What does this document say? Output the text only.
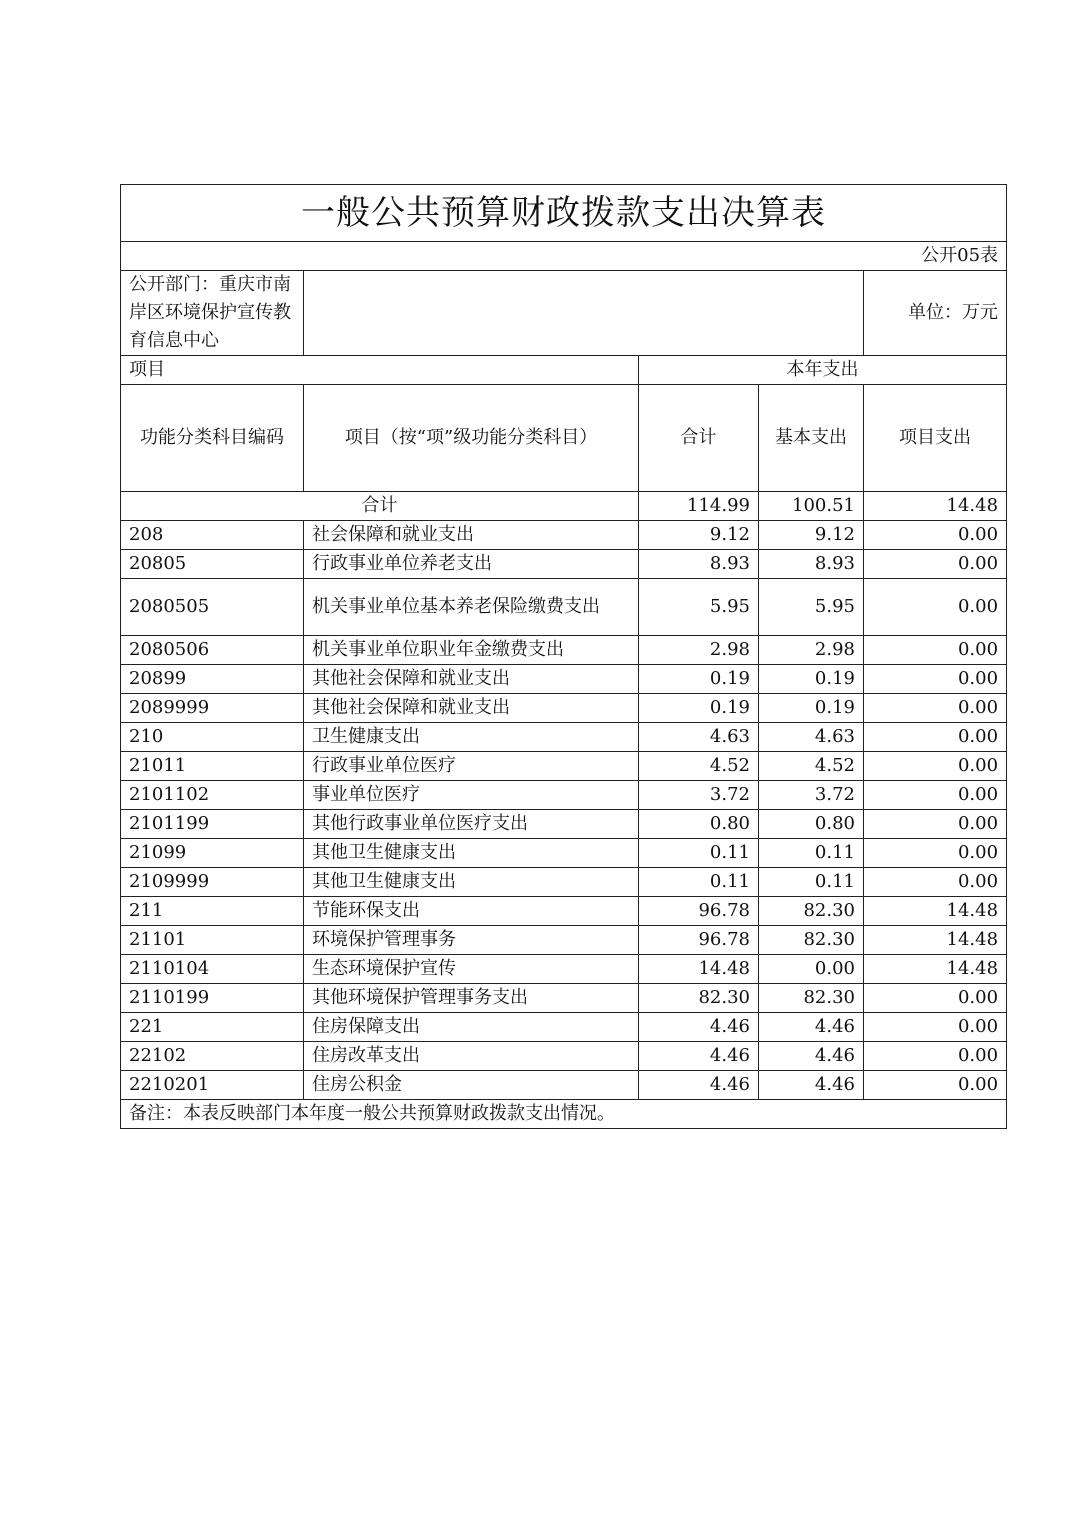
一般公共预算财政拨款支出决算表				
公开05表				
公开部门：重庆市南岸区环境保护宣传教育信息中心				单位：万元
项目		本年支出		
功能分类科目编码	项目（按“项”级功能分类科目）	合计	基本支出	项目支出
合计		114.99	100.51	14.48
208	社会保障和就业支出	9.12	9.12	0.00
20805	行政事业单位养老支出	8.93	8.93	0.00
2080505	机关事业单位基本养老保险缴费支出	5.95	5.95	0.00
2080506	机关事业单位职业年金缴费支出	2.98	2.98	0.00
20899	其他社会保障和就业支出	0.19	0.19	0.00
2089999	其他社会保障和就业支出	0.19	0.19	0.00
210	卫生健康支出	4.63	4.63	0.00
21011	行政事业单位医疗	4.52	4.52	0.00
2101102	事业单位医疗	3.72	3.72	0.00
2101199	其他行政事业单位医疗支出	0.80	0.80	0.00
21099	其他卫生健康支出	0.11	0.11	0.00
2109999	其他卫生健康支出	0.11	0.11	0.00
211	节能环保支出	96.78	82.30	14.48
21101	环境保护管理事务	96.78	82.30	14.48
2110104	生态环境保护宣传	14.48	0.00	14.48
2110199	其他环境保护管理事务支出	82.30	82.30	0.00
221	住房保障支出	4.46	4.46	0.00
22102	住房改革支出	4.46	4.46	0.00
2210201	住房公积金	4.46	4.46	0.00
备注：本表反映部门本年度一般公共预算财政拨款支出情况。				
